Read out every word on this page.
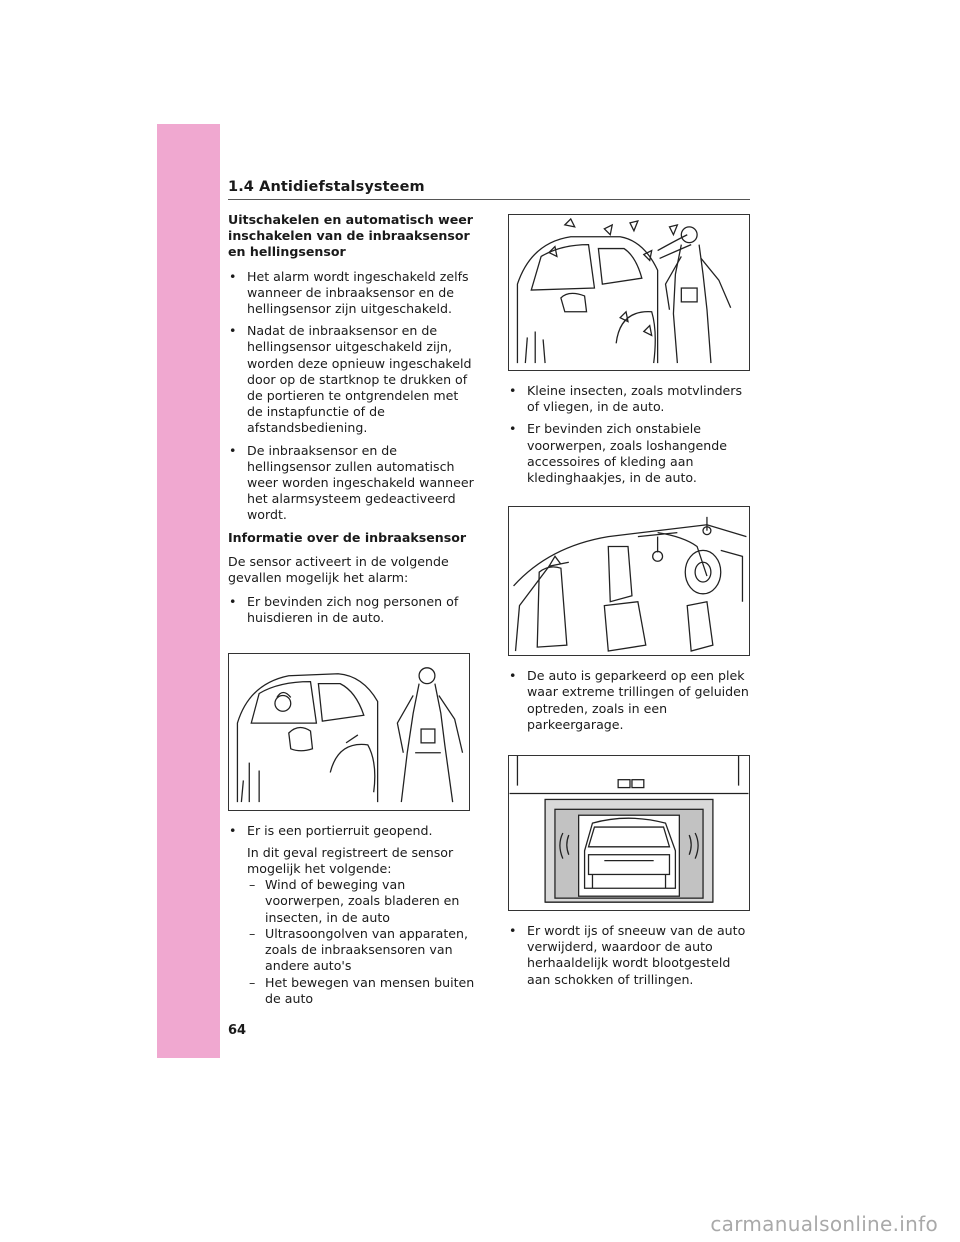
1.4 Antidiefstalsysteem

Uitschakelen en automatisch weer inschakelen van de inbraaksensor en hellingsensor

• Het alarm wordt ingeschakeld zelfs wanneer de inbraaksensor en de hellingsensor zijn uitgeschakeld.
• Nadat de inbraaksensor en de hellingsensor uitgeschakeld zijn, worden deze opnieuw ingeschakeld door op de startknop te drukken of de portieren te ontgrendelen met de instapfunctie of de afstandsbediening.
• De inbraaksensor en de hellingsensor zullen automatisch weer worden ingeschakeld wanneer het alarmsysteem gedeactiveerd wordt.

Informatie over de inbraaksensor

De sensor activeert in de volgende gevallen mogelijk het alarm:

• Er bevinden zich nog personen of huisdieren in de auto.
• Er is een portierruit geopend.

In dit geval registreert de sensor mogelijk het volgende:

– Wind of beweging van voorwerpen, zoals bladeren en insecten, in de auto
– Ultrasoongolven van apparaten, zoals de inbraaksensoren van andere auto's
– Het bewegen van mensen buiten de auto
• Kleine insecten, zoals motvlinders of vliegen, in de auto.
• Er bevinden zich onstabiele voorwerpen, zoals loshangende accessoires of kleding aan kledinghaakjes, in de auto.
• De auto is geparkeerd op een plek waar extreme trillingen of geluiden optreden, zoals in een parkeergarage.
• Er wordt ijs of sneeuw van de auto verwijderd, waardoor de auto herhaaldelijk wordt blootgesteld aan schokken of trillingen.
64
carmanualsonline.info
